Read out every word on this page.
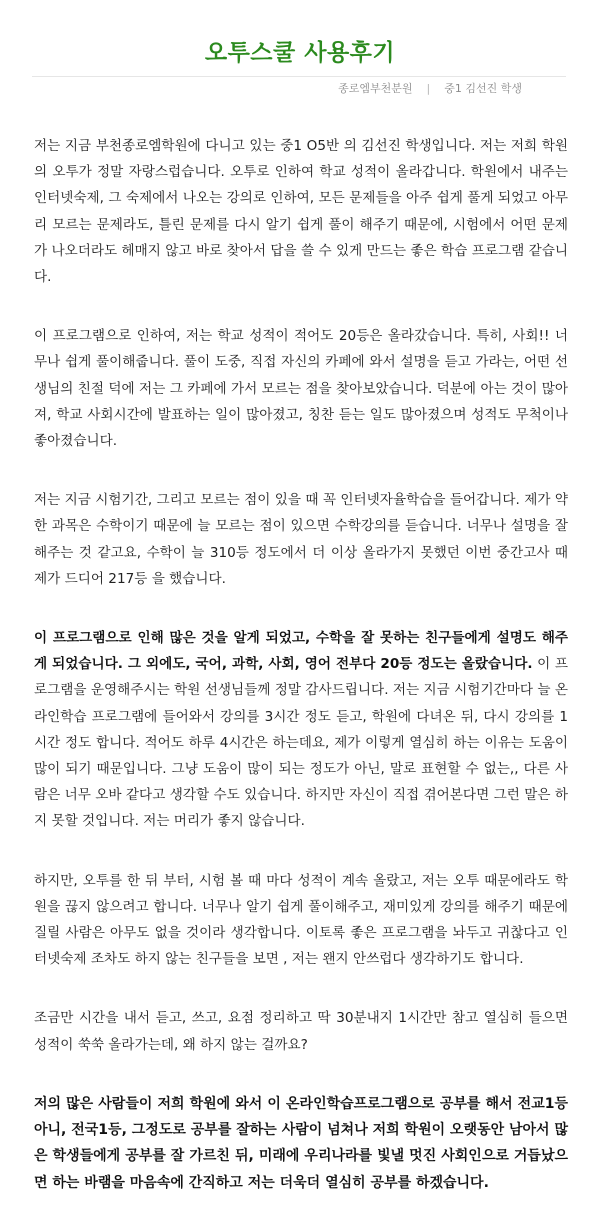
오투스쿨 사용후기
종로엠부천분원 | 중1 김선진 학생

저는 지금 부천종로엠학원에 다니고 있는 중1 O5반 의 김선진 학생입니다. 저는 저희 학원의 오투가 정말 자랑스럽습니다. 오투로 인하여 학교 성적이 올라갑니다. 학원에서 내주는 인터넷숙제, 그 숙제에서 나오는 강의로 인하여, 모든 문제들을 아주 쉽게 풀게 되었고 아무리 모르는 문제라도, 틀린 문제를 다시 알기 쉽게 풀이 해주기 때문에, 시험에서 어떤 문제가 나오더라도 헤매지 않고 바로 찾아서 답을 쓸 수 있게 만드는 좋은 학습 프로그램 같습니다.

이 프로그램으로 인하여, 저는 학교 성적이 적어도 20등은 올라갔습니다. 특히, 사회!! 너무나 쉽게 풀이해줍니다. 풀이 도중, 직접 자신의 카페에 와서 설명을 듣고 가라는, 어떤 선생님의 친절 덕에 저는 그 카페에 가서 모르는 점을 찾아보았습니다. 덕분에 아는 것이 많아져, 학교 사회시간에 발표하는 일이 많아졌고, 칭찬 듣는 일도 많아졌으며 성적도 무척이나 좋아졌습니다.

저는 지금 시험기간, 그리고 모르는 점이 있을 때 꼭 인터넷자율학습을 들어갑니다. 제가 약한 과목은 수학이기 때문에 늘 모르는 점이 있으면 수학강의를 듣습니다. 너무나 설명을 잘해주는 것 같고요, 수학이 늘 310등 정도에서 더 이상 올라가지 못했던 이번 중간고사 때 제가 드디어 217등 을 했습니다.

이 프로그램으로 인해 많은 것을 알게 되었고, 수학을 잘 못하는 친구들에게 설명도 해주게 되었습니다. 그 외에도, 국어, 과학, 사회, 영어 전부다 20등 정도는 올랐습니다. 이 프로그램을 운영해주시는 학원 선생님들께 정말 감사드립니다. 저는 지금 시험기간마다 늘 온라인학습 프로그램에 들어와서 강의를 3시간 정도 듣고, 학원에 다녀온 뒤, 다시 강의를 1시간 정도 합니다. 적어도 하루 4시간은 하는데요, 제가 이렇게 열심히 하는 이유는 도움이 많이 되기 때문입니다. 그냥 도움이 많이 되는 정도가 아닌, 말로 표현할 수 없는,, 다른 사람은 너무 오바 같다고 생각할 수도 있습니다. 하지만 자신이 직접 겪어본다면 그런 말은 하지 못할 것입니다. 저는 머리가 좋지 않습니다.

하지만, 오투를 한 뒤 부터, 시험 볼 때 마다 성적이 계속 올랐고, 저는 오투 때문에라도 학원을 끊지 않으려고 합니다. 너무나 알기 쉽게 풀이해주고, 재미있게 강의를 해주기 때문에 질릴 사람은 아무도 없을 것이라 생각합니다. 이토록 좋은 프로그램을 놔두고 귀찮다고 인터넷숙제 조차도 하지 않는 친구들을 보면 , 저는 왠지 안쓰럽다 생각하기도 합니다.

조금만 시간을 내서 듣고, 쓰고, 요점 정리하고 딱 30분내지 1시간만 참고 열심히 들으면 성적이 쑥쑥 올라가는데, 왜 하지 않는 걸까요?

저의 많은 사람들이 저희 학원에 와서 이 온라인학습프로그램으로 공부를 해서 전교1등 아니, 전국1등, 그정도로 공부를 잘하는 사람이 넘쳐나 저희 학원이 오랫동안 남아서 많은 학생들에게 공부를 잘 가르친 뒤, 미래에 우리나라를 빛낼 멋진 사회인으로 거듭났으면 하는 바램을 마음속에 간직하고 저는 더욱더 열심히 공부를 하겠습니다.
